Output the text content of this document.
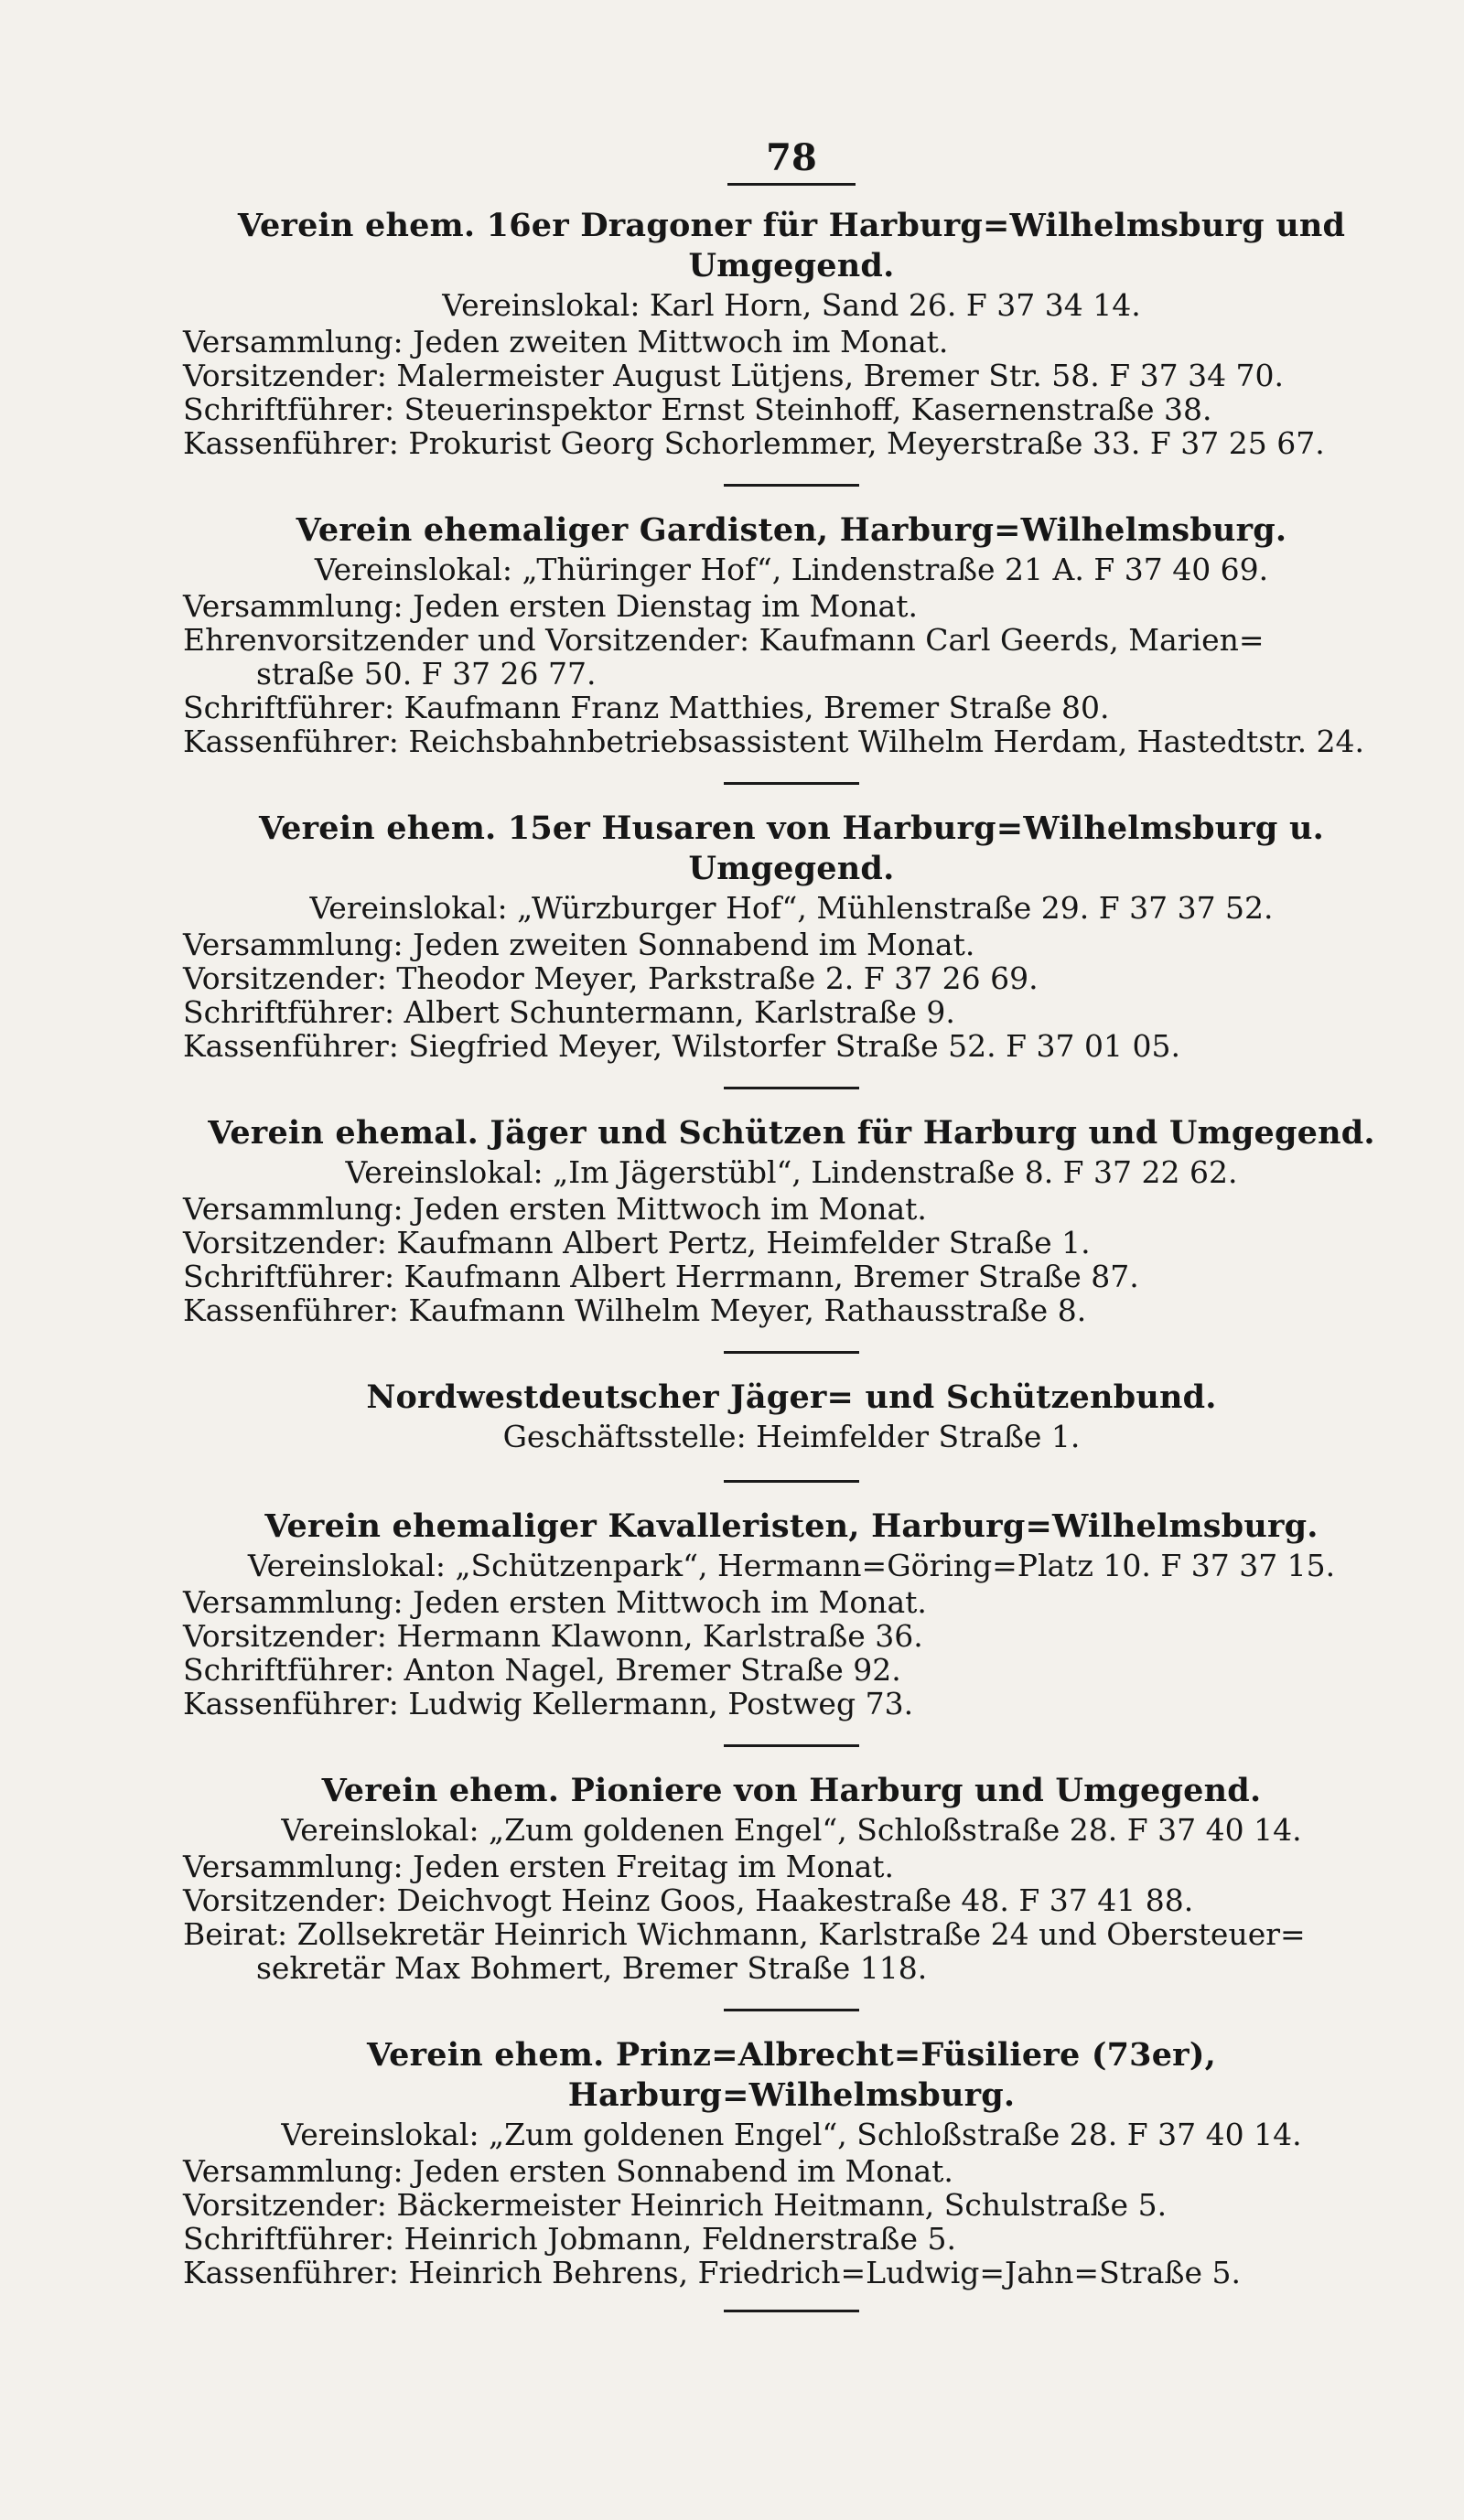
78

Verein ehem. 16er Dragoner für Harburg=Wilhelmsburg und Umgegend.

Vereinslokal: Karl Horn, Sand 26. F 37 34 14.

Versammlung: Jeden zweiten Mittwoch im Monat.

Vorsitzender: Malermeister August Lütjens, Bremer Str. 58. F 37 34 70.

Schriftführer: Steuerinspektor Ernst Steinhoff, Kasernenstraße 38.

Kassenführer: Prokurist Georg Schorlemmer, Meyerstraße 33. F 37 25 67.

Verein ehemaliger Gardisten, Harburg=Wilhelmsburg.

Vereinslokal: „Thüringer Hof“, Lindenstraße 21 A. F 37 40 69.

Versammlung: Jeden ersten Dienstag im Monat.

Ehrenvorsitzender und Vorsitzender: Kaufmann Carl Geerds, Marien=

straße 50. F 37 26 77.

Schriftführer: Kaufmann Franz Matthies, Bremer Straße 80.

Kassenführer: Reichsbahnbetriebsassistent Wilhelm Herdam, Hastedtstr. 24.

Verein ehem. 15er Husaren von Harburg=Wilhelmsburg u. Umgegend.

Vereinslokal: „Würzburger Hof“, Mühlenstraße 29. F 37 37 52.

Versammlung: Jeden zweiten Sonnabend im Monat.

Vorsitzender: Theodor Meyer, Parkstraße 2. F 37 26 69.

Schriftführer: Albert Schuntermann, Karlstraße 9.

Kassenführer: Siegfried Meyer, Wilstorfer Straße 52. F 37 01 05.

Verein ehemal. Jäger und Schützen für Harburg und Umgegend.

Vereinslokal: „Im Jägerstübl“, Lindenstraße 8. F 37 22 62.

Versammlung: Jeden ersten Mittwoch im Monat.

Vorsitzender: Kaufmann Albert Pertz, Heimfelder Straße 1.

Schriftführer: Kaufmann Albert Herrmann, Bremer Straße 87.

Kassenführer: Kaufmann Wilhelm Meyer, Rathausstraße 8.

Nordwestdeutscher Jäger= und Schützenbund.

Geschäftsstelle: Heimfelder Straße 1.

Verein ehemaliger Kavalleristen, Harburg=Wilhelmsburg.

Vereinslokal: „Schützenpark“, Hermann=Göring=Platz 10. F 37 37 15.

Versammlung: Jeden ersten Mittwoch im Monat.

Vorsitzender: Hermann Klawonn, Karlstraße 36.

Schriftführer: Anton Nagel, Bremer Straße 92.

Kassenführer: Ludwig Kellermann, Postweg 73.

Verein ehem. Pioniere von Harburg und Umgegend.

Vereinslokal: „Zum goldenen Engel“, Schloßstraße 28. F 37 40 14.

Versammlung: Jeden ersten Freitag im Monat.

Vorsitzender: Deichvogt Heinz Goos, Haakestraße 48. F 37 41 88.

Beirat: Zollsekretär Heinrich Wichmann, Karlstraße 24 und Obersteuer=

sekretär Max Bohmert, Bremer Straße 118.

Verein ehem. Prinz=Albrecht=Füsiliere (73er), Harburg=Wilhelmsburg.

Vereinslokal: „Zum goldenen Engel“, Schloßstraße 28. F 37 40 14.

Versammlung: Jeden ersten Sonnabend im Monat.

Vorsitzender: Bäckermeister Heinrich Heitmann, Schulstraße 5.

Schriftführer: Heinrich Jobmann, Feldnerstraße 5.

Kassenführer: Heinrich Behrens, Friedrich=Ludwig=Jahn=Straße 5.
